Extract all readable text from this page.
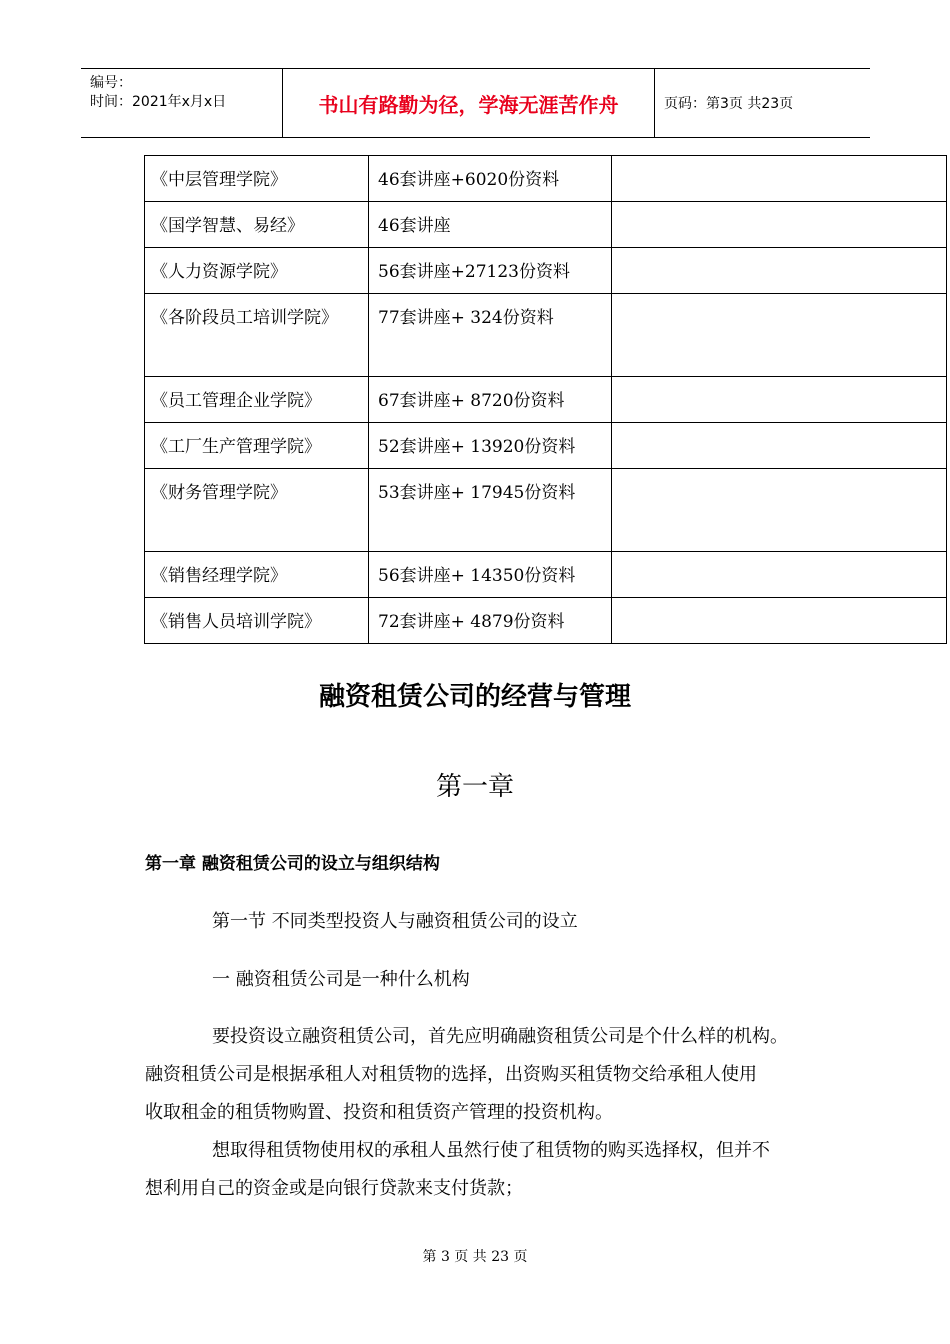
编号：
时间：2021年x月x日	书山有路勤为径，学海无涯苦作舟	页码：第3页 共23页
《中层管理学院》	46套讲座+6020份资料	
《国学智慧、易经》	46套讲座	
《人力资源学院》	56套讲座+27123份资料	
《各阶段员工培训学院》	77套讲座+ 324份资料	
《员工管理企业学院》	67套讲座+ 8720份资料	
《工厂生产管理学院》	52套讲座+ 13920份资料	
《财务管理学院》	53套讲座+ 17945份资料	
《销售经理学院》	56套讲座+ 14350份资料	
《销售人员培训学院》	72套讲座+ 4879份资料	
融资租赁公司的经营与管理
第一章
第一章 融资租赁公司的设立与组织结构
第一节 不同类型投资人与融资租赁公司的设立
一 融资租赁公司是一种什么机构
要投资设立融资租赁公司，首先应明确融资租赁公司是个什么样的机构。
融资租赁公司是根据承租人对租赁物的选择，出资购买租赁物交给承租人使用
收取租金的租赁物购置、投资和租赁资产管理的投资机构。
想取得租赁物使用权的承租人虽然行使了租赁物的购买选择权，但并不
想利用自己的资金或是向银行贷款来支付货款；
第 3 页 共 23 页
